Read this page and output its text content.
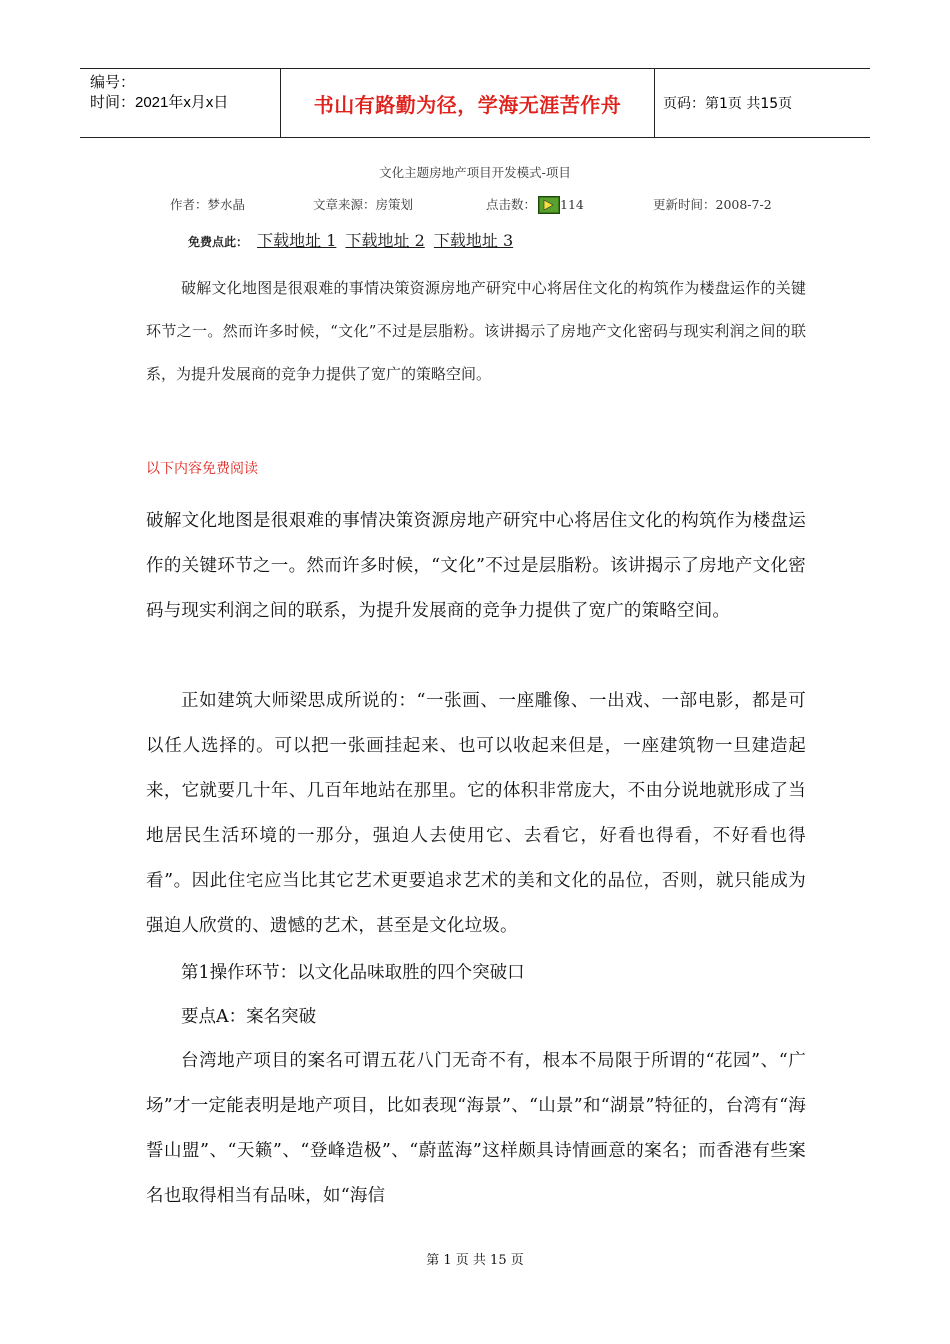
编号：
时间：2021年x月x日	书山有路勤为径，学海无涯苦作舟	页码：第1页 共15页
文化主题房地产项目开发模式-项目
作者：梦水晶	文章来源：房策划	点击数： 114	更新时间：2008-7-2
免费点此： 下载地址 1 下载地址 2 下载地址 3
破解文化地图是很艰难的事情决策资源房地产研究中心将居住文化的构筑作为楼盘运作的关键环节之一。然而许多时候，“文化”不过是层脂粉。该讲揭示了房地产文化密码与现实利润之间的联系，为提升发展商的竞争力提供了宽广的策略空间。
以下内容免费阅读
破解文化地图是很艰难的事情决策资源房地产研究中心将居住文化的构筑作为楼盘运作的关键环节之一。然而许多时候，“文化”不过是层脂粉。该讲揭示了房地产文化密码与现实利润之间的联系，为提升发展商的竞争力提供了宽广的策略空间。
正如建筑大师梁思成所说的：“一张画、一座雕像、一出戏、一部电影，都是可以任人选择的。可以把一张画挂起来、也可以收起来但是，一座建筑物一旦建造起来，它就要几十年、几百年地站在那里。它的体积非常庞大，不由分说地就形成了当地居民生活环境的一那分，强迫人去使用它、去看它，好看也得看，不好看也得看”。因此住宅应当比其它艺术更要追求艺术的美和文化的品位，否则，就只能成为强迫人欣赏的、遗憾的艺术，甚至是文化垃圾。
第1操作环节：以文化品味取胜的四个突破口
要点A：案名突破
台湾地产项目的案名可谓五花八门无奇不有，根本不局限于所谓的“花园”、“广场”才一定能表明是地产项目，比如表现“海景”、“山景”和“湖景”特征的，台湾有“海誓山盟”、“天籁”、“登峰造极”、“蔚蓝海”这样颇具诗情画意的案名；而香港有些案名也取得相当有品味，如“海信
第 1 页 共 15 页
